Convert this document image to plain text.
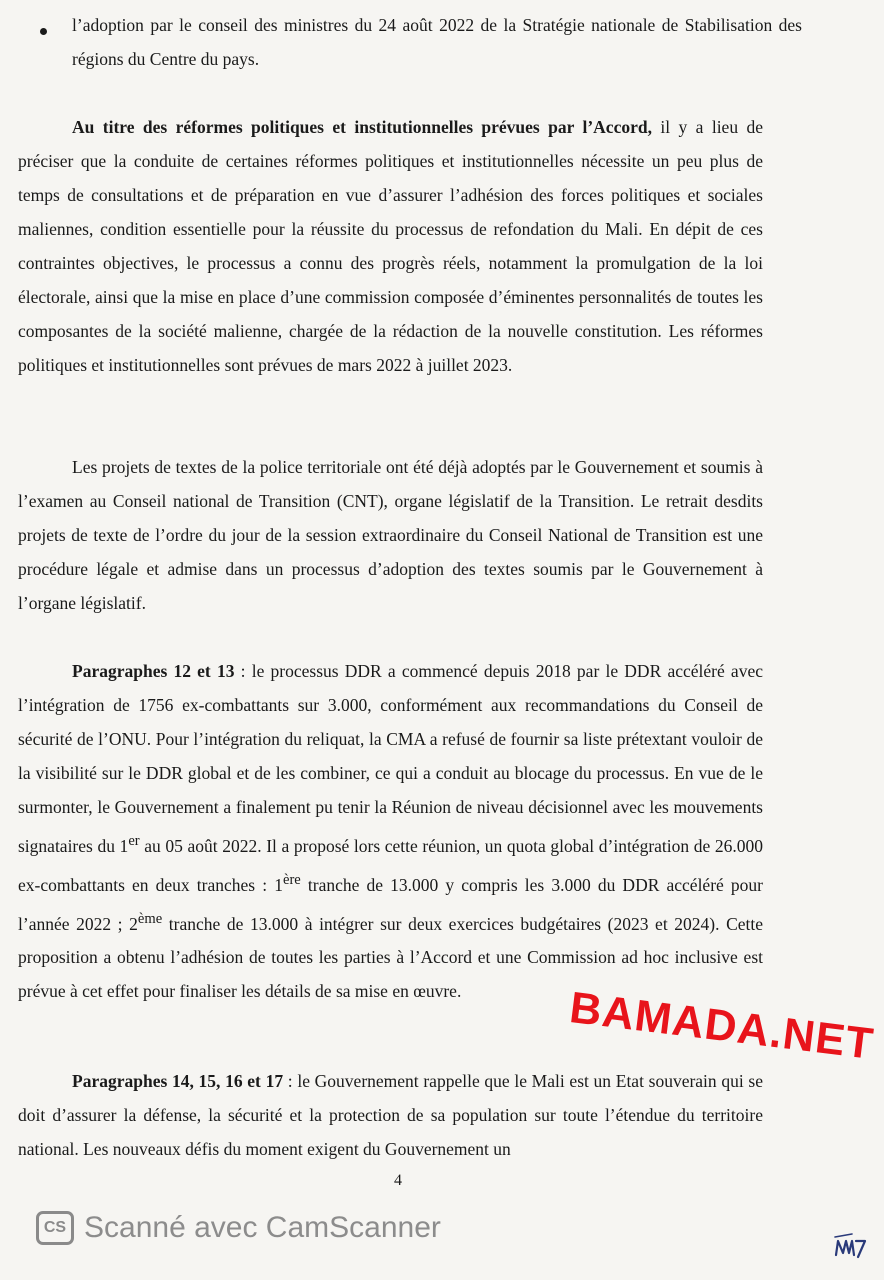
l’adoption par le conseil des ministres du 24 août 2022 de la Stratégie nationale de Stabilisation des régions du Centre du pays.

Au titre des réformes politiques et institutionnelles prévues par l’Accord, il y a lieu de préciser que la conduite de certaines réformes politiques et institutionnelles nécessite un peu plus de temps de consultations et de préparation en vue d’assurer l’adhésion des forces politiques et sociales maliennes, condition essentielle pour la réussite du processus de refondation du Mali. En dépit de ces contraintes objectives, le processus a connu des progrès réels, notamment la promulgation de la loi électorale, ainsi que la mise en place d’une commission composée d’éminentes personnalités de toutes les composantes de la société malienne, chargée de la rédaction de la nouvelle constitution. Les réformes politiques et institutionnelles sont prévues de mars 2022 à juillet 2023.

Les projets de textes de la police territoriale ont été déjà adoptés par le Gouvernement et soumis à l’examen au Conseil national de Transition (CNT), organe législatif de la Transition. Le retrait desdits projets de texte de l’ordre du jour de la session extraordinaire du Conseil National de Transition est une procédure légale et admise dans un processus d’adoption des textes soumis par le Gouvernement à l’organe législatif.

Paragraphes 12 et 13 : le processus DDR a commencé depuis 2018 par le DDR accéléré avec l’intégration de 1756 ex-combattants sur 3.000, conformément aux recommandations du Conseil de sécurité de l’ONU. Pour l’intégration du reliquat, la CMA a refusé de fournir sa liste prétextant vouloir de la visibilité sur le DDR global et de les combiner, ce qui a conduit au blocage du processus. En vue de le surmonter, le Gouvernement a finalement pu tenir la Réunion de niveau décisionnel avec les mouvements signataires du 1er au 05 août 2022. Il a proposé lors cette réunion, un quota global d’intégration de 26.000 ex-combattants en deux tranches : 1ère tranche de 13.000 y compris les 3.000 du DDR accéléré pour l’année 2022 ; 2ème tranche de 13.000 à intégrer sur deux exercices budgétaires (2023 et 2024). Cette proposition a obtenu l’adhésion de toutes les parties à l’Accord et une Commission ad hoc inclusive est prévue à cet effet pour finaliser les détails de sa mise en œuvre.

Paragraphes 14, 15, 16 et 17 : le Gouvernement rappelle que le Mali est un Etat souverain qui se doit d’assurer la défense, la sécurité et la protection de sa population sur toute l’étendue du territoire national. Les nouveaux défis du moment exigent du Gouvernement un

4
BAMADA.NET
CS Scanné avec CamScanner
